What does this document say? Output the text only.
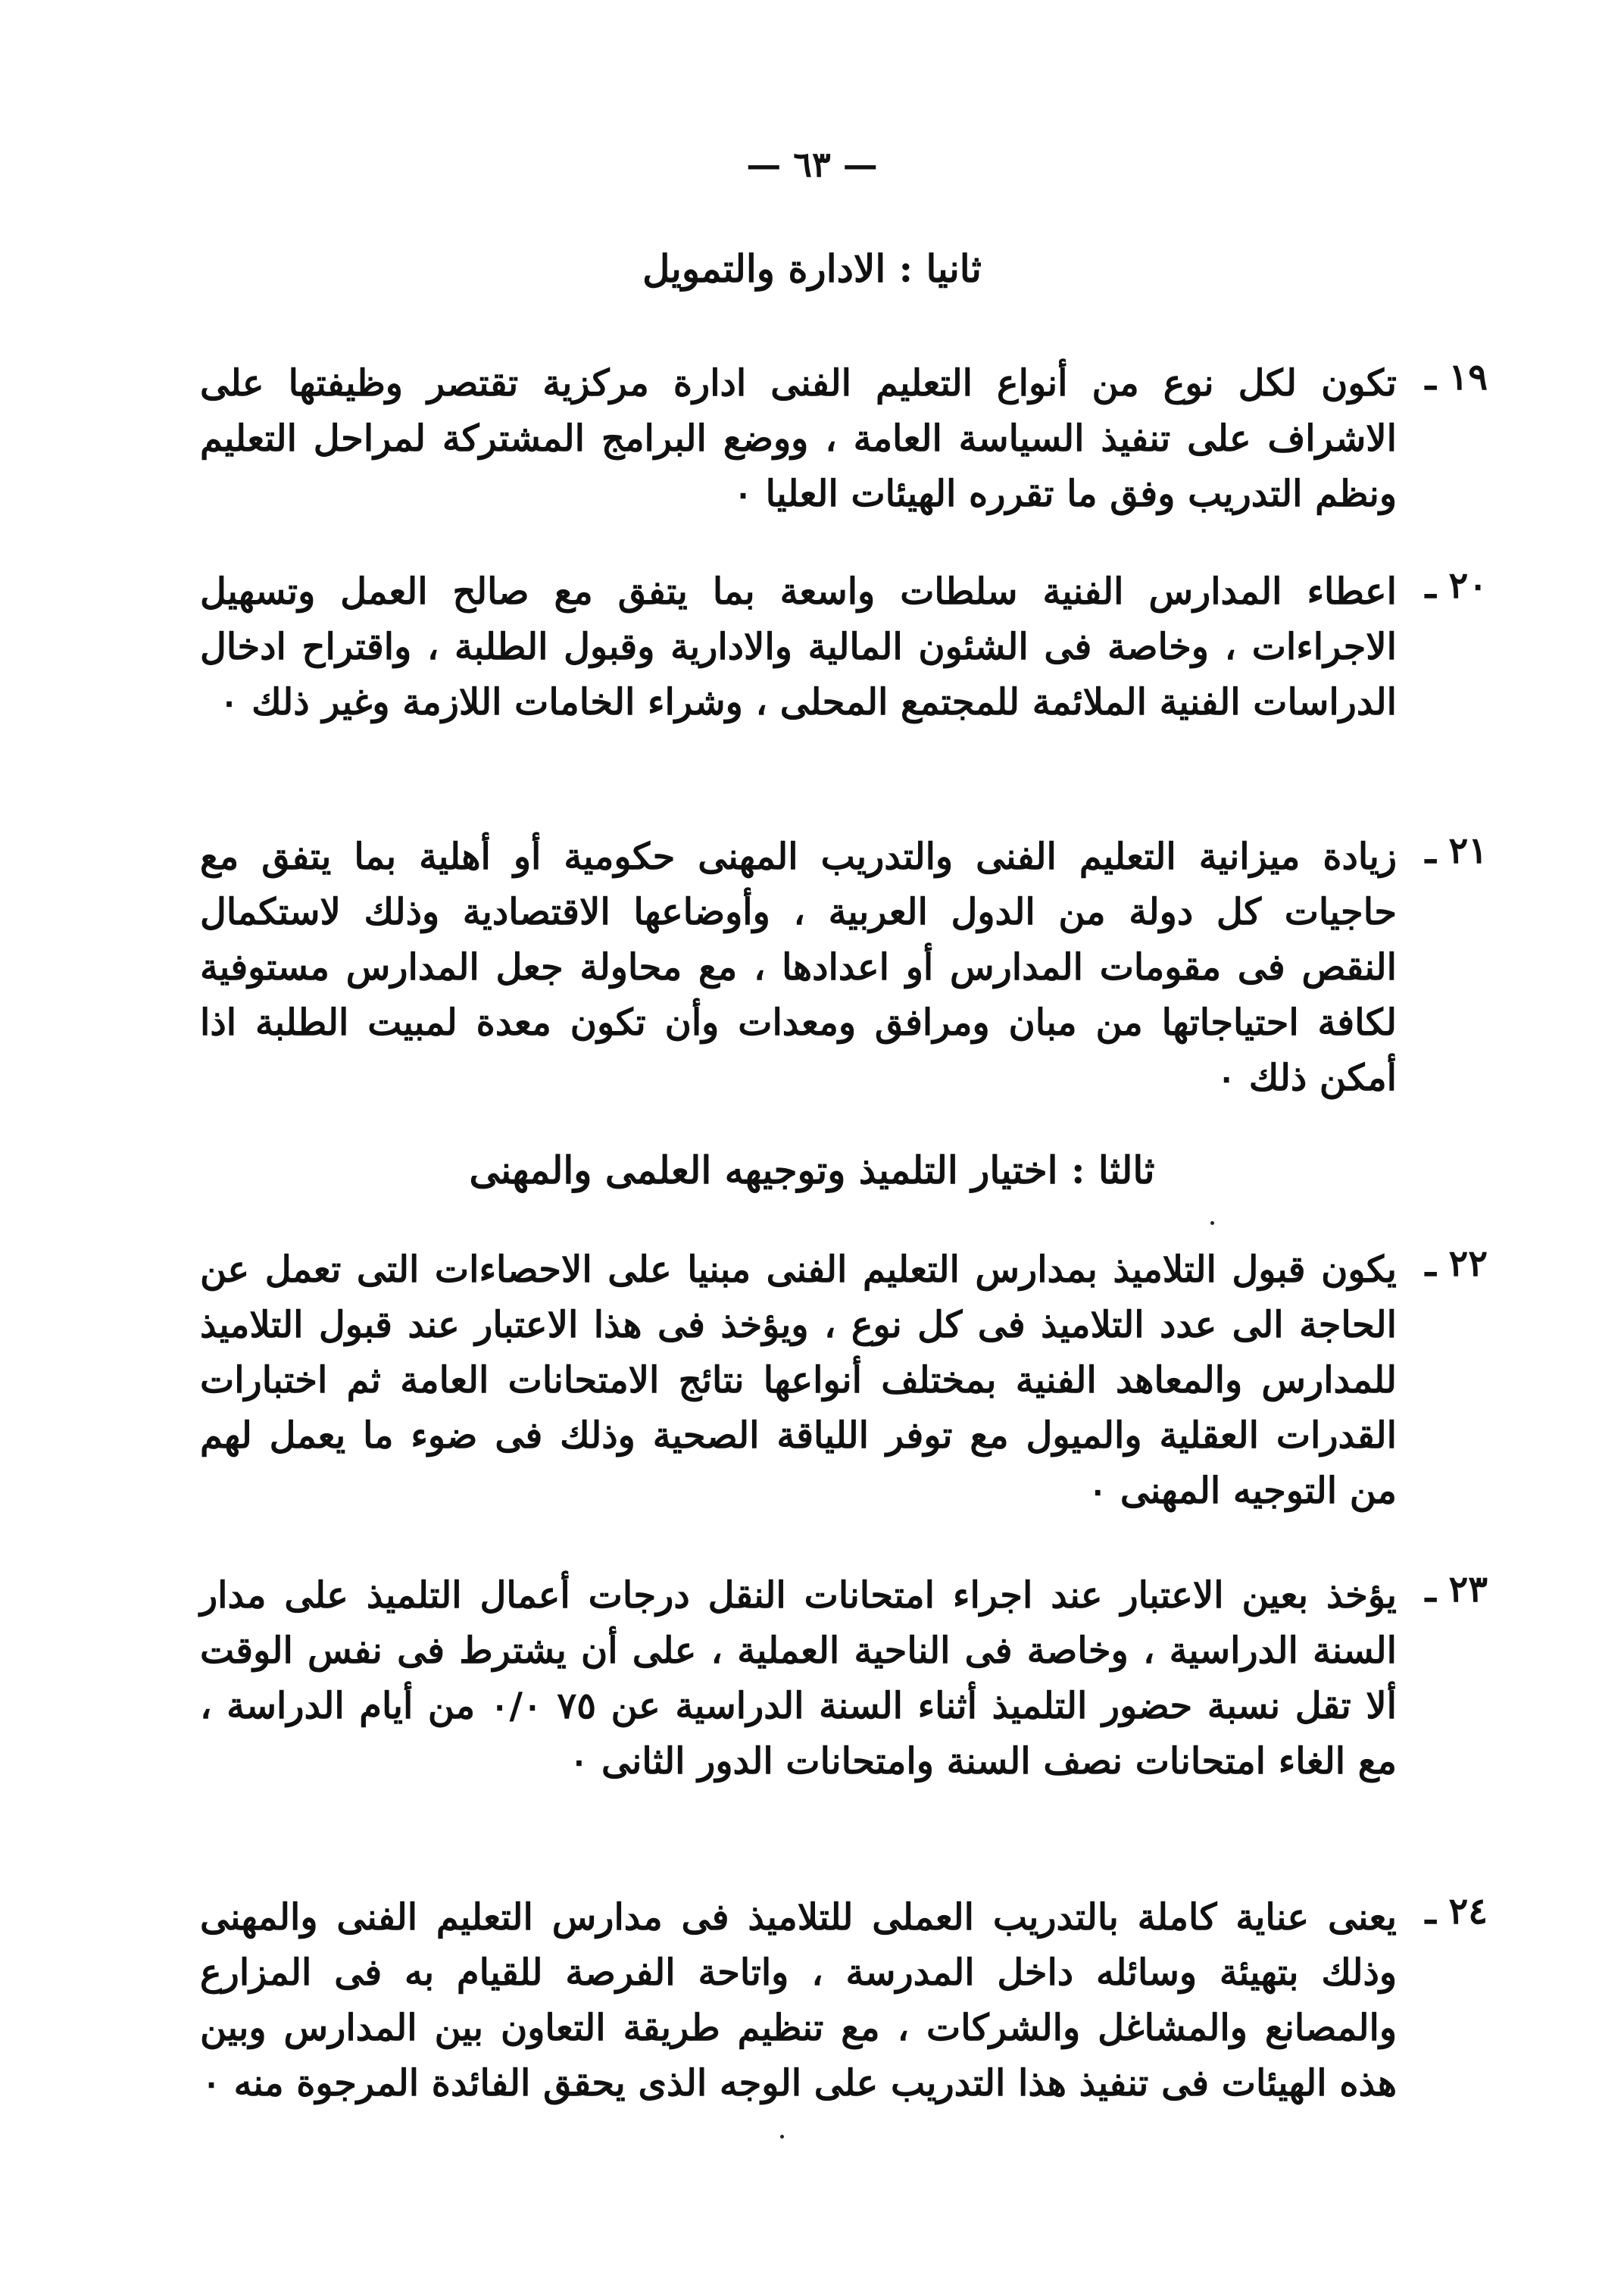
— ٦٣ —
ثانيا : الادارة والتمويل
١٩ ـ

تكون لكل نوع من أنواع التعليم الفنى ادارة مركزية تقتصر وظيفتها على الاشراف على تنفيذ السياسة العامة ، ووضع البرامج المشتركة لمراحل التعليم ونظم التدريب وفق ما تقرره الهيئات العليا ٠

٢٠ ـ

اعطاء المدارس الفنية سلطات واسعة بما يتفق مع صالح العمل وتسهيل الاجراءات ، وخاصة فى الشئون المالية والادارية وقبول الطلبة ، واقتراح ادخال الدراسات الفنية الملائمة للمجتمع المحلى ، وشراء الخامات اللازمة وغير ذلك ٠

٢١ ـ

زيادة ميزانية التعليم الفنى والتدريب المهنى حكومية أو أهلية بما يتفق مع حاجيات كل دولة من الدول العربية ، وأوضاعها الاقتصادية وذلك لاستكمال النقص فى مقومات المدارس أو اعدادها ، مع محاولة جعل المدارس مستوفية لكافة احتياجاتها من مبان ومرافق ومعدات وأن تكون معدة لمبيت الطلبة اذا أمكن ذلك ٠

ثالثا : اختيار التلميذ وتوجيهه العلمى والمهنى
٢٢ ـ

يكون قبول التلاميذ بمدارس التعليم الفنى مبنيا على الاحصاءات التى تعمل عن الحاجة الى عدد التلاميذ فى كل نوع ، ويؤخذ فى هذا الاعتبار عند قبول التلاميذ للمدارس والمعاهد الفنية بمختلف أنواعها نتائج الامتحانات العامة ثم اختبارات القدرات العقلية والميول مع توفر اللياقة الصحية وذلك فى ضوء ما يعمل لهم من التوجيه المهنى ٠

٢٣ ـ

يؤخذ بعين الاعتبار عند اجراء امتحانات النقل درجات أعمال التلميذ على مدار السنة الدراسية ، وخاصة فى الناحية العملية ، على أن يشترط فى نفس الوقت ألا تقل نسبة حضور التلميذ أثناء السنة الدراسية عن ٧٥ ٠/٠ من أيام الدراسة ، مع الغاء امتحانات نصف السنة وامتحانات الدور الثانى ٠

٢٤ ـ

يعنى عناية كاملة بالتدريب العملى للتلاميذ فى مدارس التعليم الفنى والمهنى وذلك بتهيئة وسائله داخل المدرسة ، واتاحة الفرصة للقيام به فى المزارع والمصانع والمشاغل والشركات ، مع تنظيم طريقة التعاون بين المدارس وبين هذه الهيئات فى تنفيذ هذا التدريب على الوجه الذى يحقق الفائدة المرجوة منه ٠
